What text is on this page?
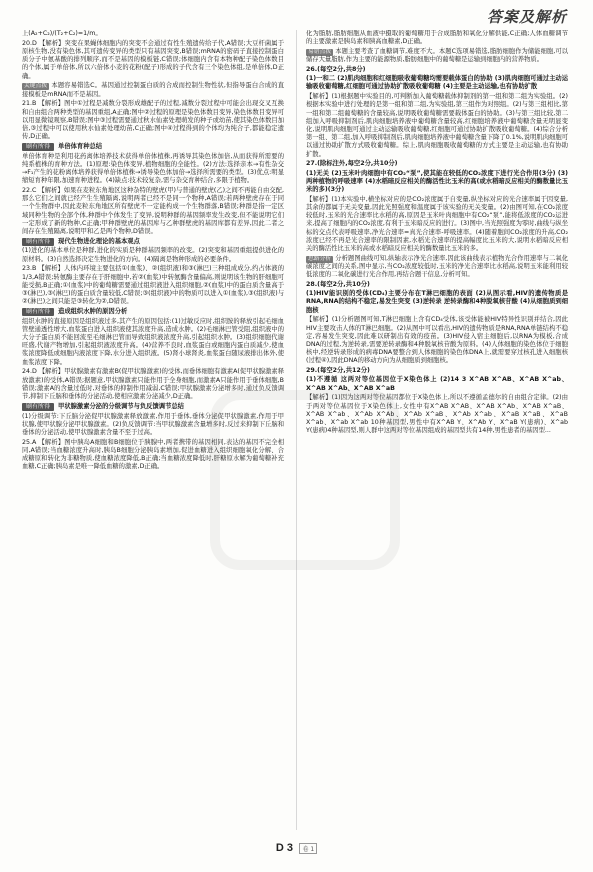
答案及解析

上(A₂+C₂)/(T₂+C₂)=1/m。

20.D 【解析】突变在果蝇体细胞内的突变不会通过有性生殖遗传给子代,A错误;大豆杆菌属于原核生物,没有染色体,其可遗传变异的类型只有基因突变,B错误;mRNA的密码子直接控制蛋白质分子中氨基酸的排列顺序,而不是基因的模板链,C错误;体细胞内含有本物种配子染色体数目的个体,属于单倍体,所以六倍体小麦的花粉(配子)形成的子代含有三个染色体组,是单倍体,D正确。

关键点拨 本题容易错选C。基因通过控制蛋白质的合成而控制生物性状,但指导蛋白合成的直接模板是mRNA而不是基因。

21.B 【解析】图中①过程是减数分裂形成雄配子的过程,减数分裂过程中可能会出现交叉互换和自由组合两种类型的基因重组,A正确;图中②过程的原理是染色体数目变异,染色体数目变异可以用显微镜观察,B错误;图中③过程需要通过秋水仙素处理萌发的种子或幼苗,使其染色体数目加倍,③过程中可以使用秋水仙素处理幼苗,C正确;图中④过程得到的个体均为纯合子,都能稳定遗传,D正确。

刷有所得 单倍体育种总结

单倍体育种是利用花药离体培养技术获得单倍体植株,再诱导其染色体加倍,从而获得所需要的纯系植株的育种方法。(1)原理:染色体变异,植物细胞的全能性。(2)方法:选择亲本→有性杂交→F₁产生的花粉离体培养获得单倍体植株→诱导染色体加倍→选择所需要的类型。(3)优点:明显缩短育种年限,加速育种进程。(4)缺点:技术较复杂,需与杂交育种结合,多限于植物。

22.C 【解析】如果在麦粒东角地区这种杂特的壁虎(甲)与普通的壁虎(乙)之间不再能自由交配,那么它们之间就已经产生生殖隔离,说明两者已经不是同一个物种,A错误;若两种壁虎存在于同一个生物群中,因此麦粒东角地区所有壁虎不一定能构成一个生物群落,B错误;种群是指一定区域同种生物的全部个体,种群中个体发生了变异,说明种群的基因频率发生改变,但不能说明它们一定形成了新的物种,C正确;甲种群壁虎的基因库与乙种群壁虎的基因库都有差异,因此二者之间存在生殖隔离,说明甲和乙是两个物种,D错误。

刷有所得 现代生物进化理论的基本观点

(1)进化的基本单位是种群,进化的实质是种群基因频率的改变。(2)突变和基因重组提供进化的原材料。(3)自然选择决定生物进化的方向。(4)隔离是物种形成的必要条件。

23.B 【解析】人体内环境主要包括①(血浆)、②(组织液)和③(淋巴)三种组成成分,约占体液的1/3,A错误;转氨酶主要存在于肝细胞中,若②(血浆)中转氨酶含量偏高,则说明该生物的肝细胞可能受损,B正确;①(血浆)中的葡萄糖需要通过组织液进入组织细胞,②(血浆)中的蛋白质含量高于③(淋巴),③(淋巴)的蛋白质含量较低,C错误;③(组织液)中的物质可以进入①(血浆),③(组织液)与②(淋巴)之间只能是③转化为②,D错误。

刷有所得 造成组织水肿的原因分析

组织水肿的直接原因是组织液过多,其产生的原因包括:(1)过敏反应时,组织胺的释放引起毛细血管壁通透性增大,血浆蛋白进入组织液使其浓度升高,造成水肿。(2)毛细淋巴管受阻,组织液中的大分子蛋白质不能回流至毛细淋巴管而导致组织液浓度升高,引起组织水肿。(3)组织细胞代谢旺盛,代谢产物增加,引起组织液浓度升高。(4)营养不良时,血浆蛋白或细胞内蛋白质减少,使血浆浓度降低或细胞内液浓度下降,水分进入组织液。(5)肾小球肾炎,血浆蛋白随尿液排出体外,使血浆浓度下降。

24.D 【解析】甲状腺激素有激素B(促甲状腺激素)的受体,而垂体细胞有激素A(促甲状腺激素释放激素)的受体,A错误;据题意,甲状腺激素只能作用于全身细胞,而激素A只能作用于垂体细胞,B错误;激素A的含量过低时,对垂体的抑制作用减弱,C错误;甲状腺激素分泌增多时,通过负反馈调节,抑制下丘脑和垂体的分泌活动,使相应激素分泌减少,D正确。

刷有所得 甲状腺激素分泌的分级调节与负反馈调节总结

(1)分级调节:下丘脑分泌促甲状腺激素释放激素,作用于垂体,垂体分泌促甲状腺激素,作用于甲状腺,使甲状腺分泌甲状腺激素。(2)负反馈调节:当甲状腺激素含量增多时,反过来抑制下丘脑和垂体的分泌活动,使甲状腺激素含量不至于过高。

25.A 【解析】图中胰岛A细胞和B细胞位于胰腺中,两者携带的基因相同,表达的基因不完全相同,A错误;当血糖浓度升高时,胰岛B细胞分泌胰岛素增加,促进血糖进入组织细胞氧化分解、合成糖原和转化为非糖物质,使血糖浓度降低,B正确;当血糖浓度降低时,肝糖原水解为葡萄糖补充血糖,C正确;胰岛素是唯一降低血糖的激素,D正确。

化为脂肪,脂肪细胞从血液中摄取的葡萄糖用于合成脂肪和氧化分解供能,C正确;人体血糖调节的主要激素是胰岛素和胰高血糖素,D正确。

易错点拨 本题主要考查了血糖调节,难度不大。本题C选项易错选,脂肪细胞作为储能细胞,可以储存大量脂肪,作为主要的能源物质,脂肪细胞中的葡萄糖是运输到细胞内的营养物质。

26.(每空2分,共8分)

(1)一和二 (2)肌肉细胞和红细胞吸收葡萄糖均需要载体蛋白的协助 (3)肌肉细胞可通过主动运输吸收葡萄糖,红细胞可通过协助扩散吸收葡萄糖 (4)主要是主动运输,也有协助扩散

【解析】(1)根据题中实验目的,可判断加入葡萄糖载体抑制剂的第一组和第二组为实验组。(2)根据本实验中进行处理的是第一组和第二组,为实验组,第三组作为对照组。(2)与第三组相比,第一组和第二组葡萄糖的含量较高,说明吸收葡萄糖需要载体蛋白的协助。(3)与第三组比较,第二组加入呼吸抑制剂后,肌肉细胞培养液中葡萄糖含量较高,红细胞培养液中葡萄糖含量无明显变化,说明肌肉细胞可通过主动运输吸收葡萄糖,红细胞可通过协助扩散吸收葡萄糖。(4)综合分析第一组、第二组,加入呼吸抑制剂后,肌肉细胞培养液中葡萄糖含量下降了0.1%,说明肌肉细胞可以通过协助扩散方式吸收葡萄糖。综上,肌肉细胞吸收葡萄糖的方式主要是主动运输,也有协助扩散。

27.(除标注外,每空2分,共10分)

(1)无关 (2)玉米叶肉细胞中有CO₂“泵”,使其能在较低的CO₂浓度下进行光合作用(3分) (3)两种植物的呼吸速率 (4)水稻暗反应相关的酶活性比玉米的高(或水稻暗反应相关的酶数量比玉米的多)(3分)

【解析】(1)本实验中,横坐标对应的是CO₂浓度属于自变量,纵坐标对应的光合速率属于因变量,其余的都属于无关变量,因此光照强度和温度属于该实验的无关变量。(2)由图可知,在CO₂浓度较低时,玉米的光合速率比水稻的高,原因是玉米叶肉细胞中有CO₂“泵”,能将低浓度的CO₂运进来,提高了细胞内的CO₂浓度,有利于玉米暗反应的进行。(3)图中,当光照强度为零时,曲线与纵坐标的交点代表呼吸速率,净光合速率=真光合速率-呼吸速率。(4)随着胞间CO₂浓度的升高,CO₂浓度已经不再是光合速率的限制因素,水稻光合速率的提高幅度比玉米的大,说明水稻暗反应相关的酶活性比玉米的高或水稻暗反应相关的酶数量比玉米的多。

思路分析 分析题图曲线可知,纵轴表示净光合速率,因此该曲线表示植物光合作用速率与二氧化碳浓度之间的关系,图中显示,当CO₂浓度较低时,玉米的净光合速率比水稻高,说明玉米能利用较低浓度的二氧化碳进行光合作用,再结合题干信息,分析可知。

28.(每空2分,共10分)

(1)HIV能识别的受体(CD₄)主要分布在T淋巴细胞的表面 (2)从图示看,HIV的遗传物质是RNA,RNA的结构不稳定,易发生突变 (3)逆转录 逆转录酶和4种脱氧核苷酸 (4)从细胞质到细胞核

【解析】(1)分析题图可知,T淋巴细胞上含有CD₄受体,该受体能被HIV特异性识别并结合,因此HIV主要攻击人体的T淋巴细胞。(2)从图中可以看出,HIV的遗传物质是RNA,RNA单链结构不稳定,容易发生突变,因此难以研制出有效的疫苗。(3)HIV侵入宿主细胞后,以RNA为模板,合成DNA的过程,为逆转录,需要逆转录酶和4种脱氧核苷酸为原料。(4)人体细胞的染色体位于细胞核中,经逆转录形成的病毒DNA要整合到人体细胞的染色体DNA上,就需要穿过核孔进入细胞核(过程④),因此DNA的移动方向为从细胞质到细胞核。

29.(每空2分,共12分)

(1)不遵循 这两对等位基因位于X染色体上 (2)14 3 X^AB X^AB、X^AB X^ab、X^AB X^Ab、X^AB X^aB

【解析】(1)因为这两对等位基因都位于X染色体上,所以不遵循孟德尔的自由组合定律。(2)由于两对等位基因位于X染色体上,女性中有X^AB X^AB、X^AB X^Ab、X^AB X^aB、X^AB X^ab、X^Ab X^Ab、X^Ab X^aB、X^Ab X^ab、X^aB X^aB、X^aB X^ab、X^ab X^ab 10种基因型,男性中有X^AB Y、X^Ab Y、X^aB Y(患病)、X^ab Y(患病)4种基因型,则人群中这两对等位基因组成的基因型共有14种,男性患者的基因型...

D 3 卷 1
